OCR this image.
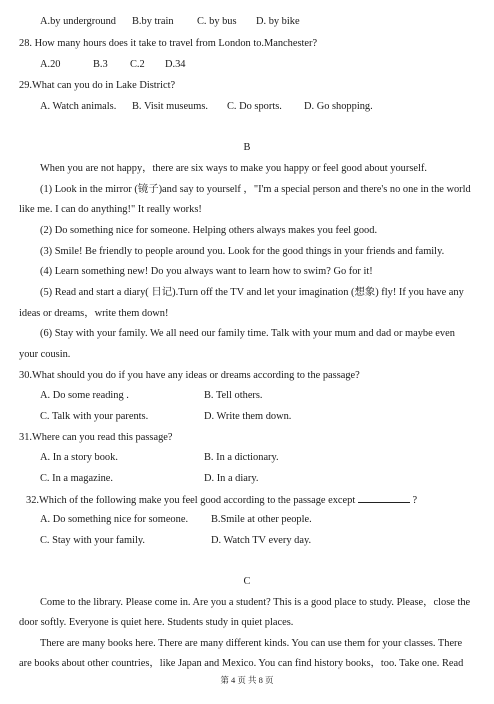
A.by underground B.by train C. by bus D. by bike
28. How many hours does it take to travel from London to.Manchester?
A.20	B.3 C.2 D.34
29.What can you do in Lake District?
A. Watch animals. B. Visit museums. C. Do sports. D. Go shopping.
B
When you are not happy，there are six ways to make you happy or feel good about yourself.
(1) Look in the mirror (镜子)and say to yourself ，"I'm a special person and there's no one in the world
like me. I can do anything!" It really works!
(2) Do something nice for someone. Helping others always makes you feel good.
(3) Smile! Be friendly to people around you. Look for the good things in your friends and family.
(4) Learn something new! Do you always want to learn how to swim? Go for it!
(5) Read and start a diary( 日记).Turn off the TV and let your imagination (想象) fly! If you have any
ideas or dreams，write them down!
(6) Stay with your family. We all need our family time. Talk with your mum and dad or maybe even
your cousin.
30.What should you do if you have any ideas or dreams according to the passage?
A. Do some reading .	B. Tell others.
C. Talk with your parents.	D. Write them down.
31.Where can you read this passage?
A. In a story book.	B. In a dictionary.
C. In a magazine.	D. In a diary.
32.Which of the following make you feel good according to the passage except	?
A. Do something nice for someone. B.Smile at other people.
C. Stay with your family.	D. Watch TV every day.
C
Come to the library. Please come in. Are you a student? This is a good place to study. Please，close the
door softly. Everyone is quiet here. Students study in quiet places.
There are many books here. There are many different kinds. You can use them for your classes. There
are books about other countries，like Japan and Mexico. You can find history books，too. Take one. Read
第 4 页 共 8 页
